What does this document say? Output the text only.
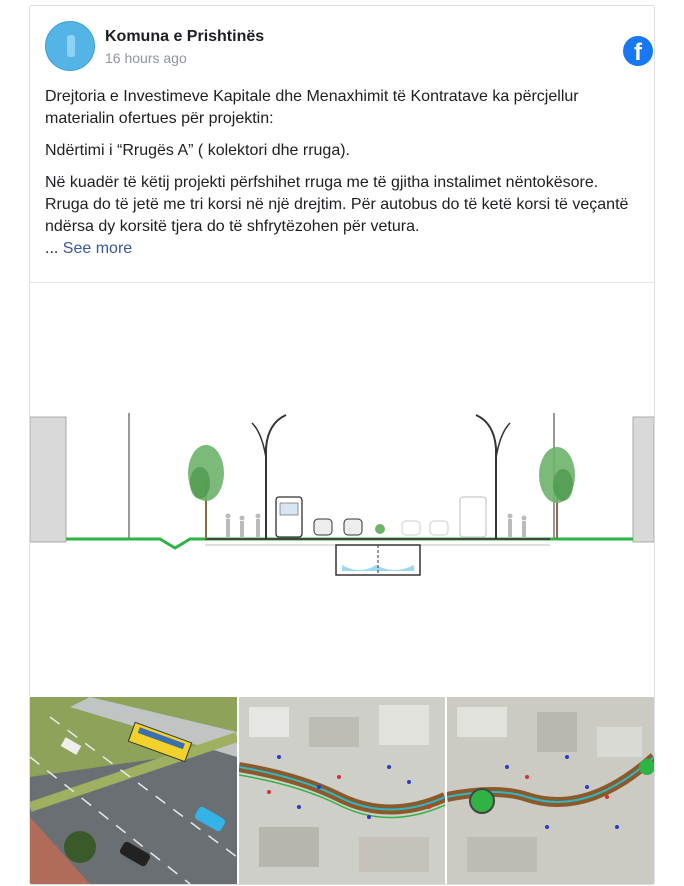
Komuna e Prishtinës
16 hours ago	f

Drejtoria e Investimeve Kapitale dhe Menaxhimit të Kontratave ka përcjellur materialin ofertues për projektin:

Ndërtimi i “Rrugës A” ( kolektori dhe rruga).

Në kuadër të këtij projekti përfshihet rruga me të gjitha instalimet nëntokësore. Rruga do të jetë me tri korsi në një drejtim. Për autobus do të ketë korsi të veçantë ndërsa dy korsitë tjera do të shfrytëzohen për vetura.

... See more
